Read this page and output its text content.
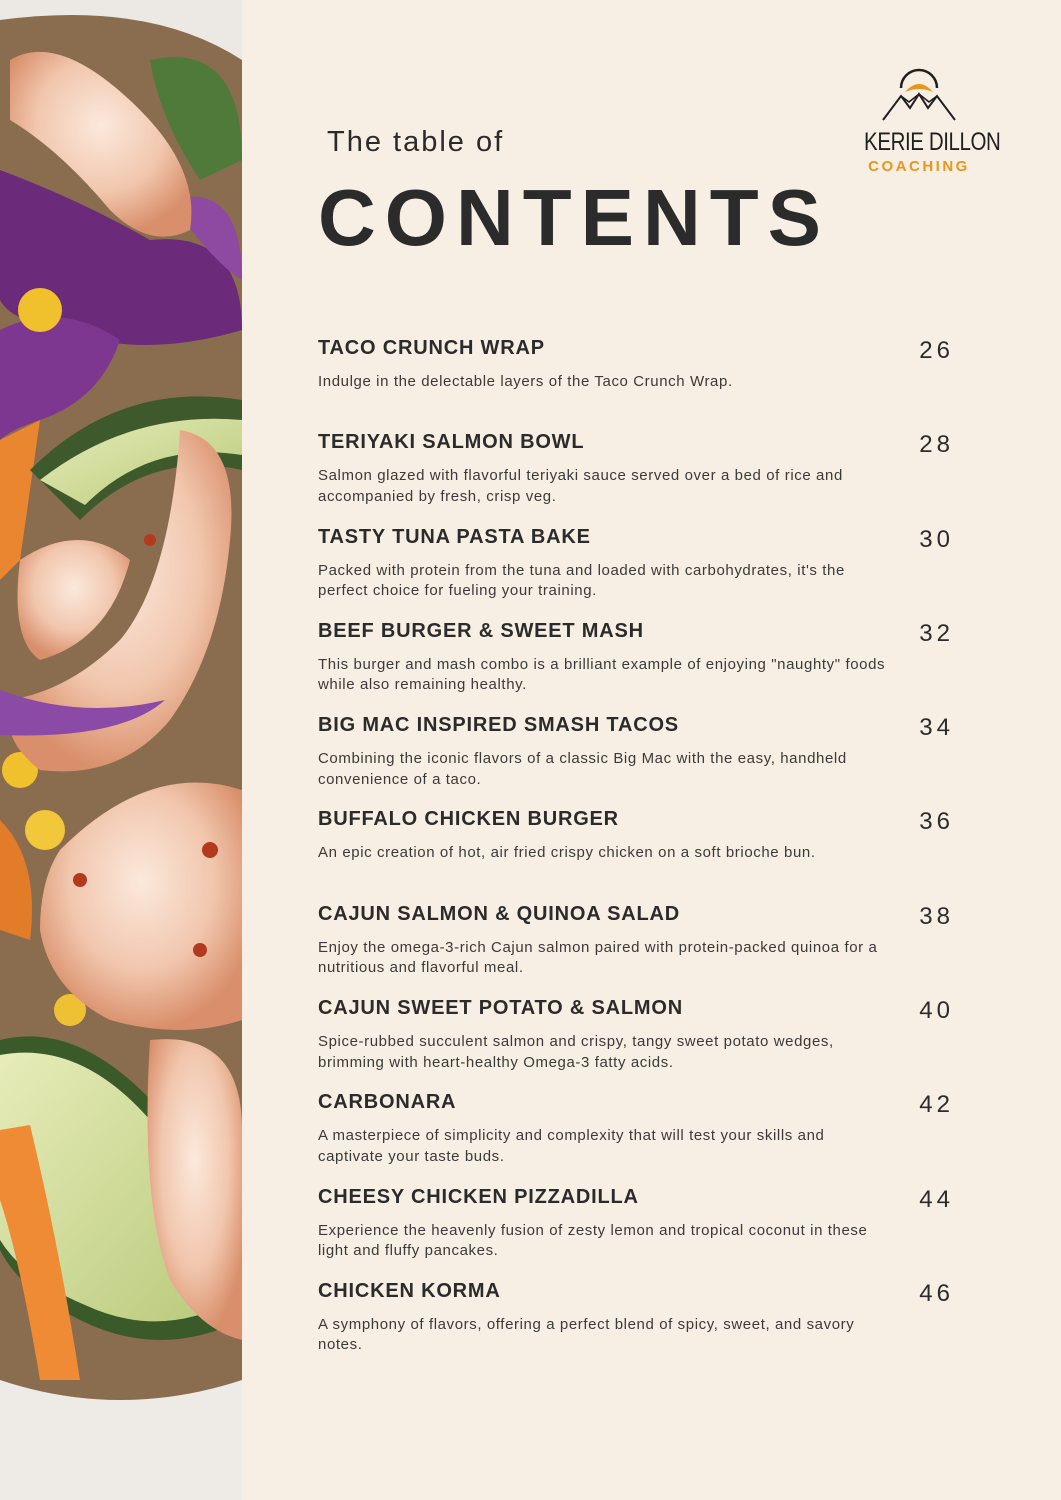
The table of
CONTENTS
KERIE DILLON
COACHING
TACO CRUNCH WRAP	26
Indulge in the delectable layers of the Taco Crunch Wrap.
TERIYAKI SALMON BOWL	28
Salmon glazed with flavorful teriyaki sauce served over a bed of rice and accompanied by fresh, crisp veg.
TASTY TUNA PASTA BAKE	30
Packed with protein from the tuna and loaded with carbohydrates, it's the perfect choice for fueling your training.
BEEF BURGER & SWEET MASH	32
This burger and mash combo is a brilliant example of enjoying "naughty" foods while also remaining healthy.
BIG MAC INSPIRED SMASH TACOS	34
Combining the iconic flavors of a classic Big Mac with the easy, handheld convenience of a taco.
BUFFALO CHICKEN BURGER	36
An epic creation of hot, air fried crispy chicken on a soft brioche bun.
CAJUN SALMON & QUINOA SALAD	38
Enjoy the omega-3-rich Cajun salmon paired with protein-packed quinoa for a nutritious and flavorful meal.
CAJUN SWEET POTATO & SALMON	40
Spice-rubbed succulent salmon and crispy, tangy sweet potato wedges, brimming with heart-healthy Omega-3 fatty acids.
CARBONARA	42
A masterpiece of simplicity and complexity that will test your skills and captivate your taste buds.
CHEESY CHICKEN PIZZADILLA	44
Experience the heavenly fusion of zesty lemon and tropical coconut in these light and fluffy pancakes.
CHICKEN KORMA	46
A symphony of flavors, offering a perfect blend of spicy, sweet, and savory notes.
